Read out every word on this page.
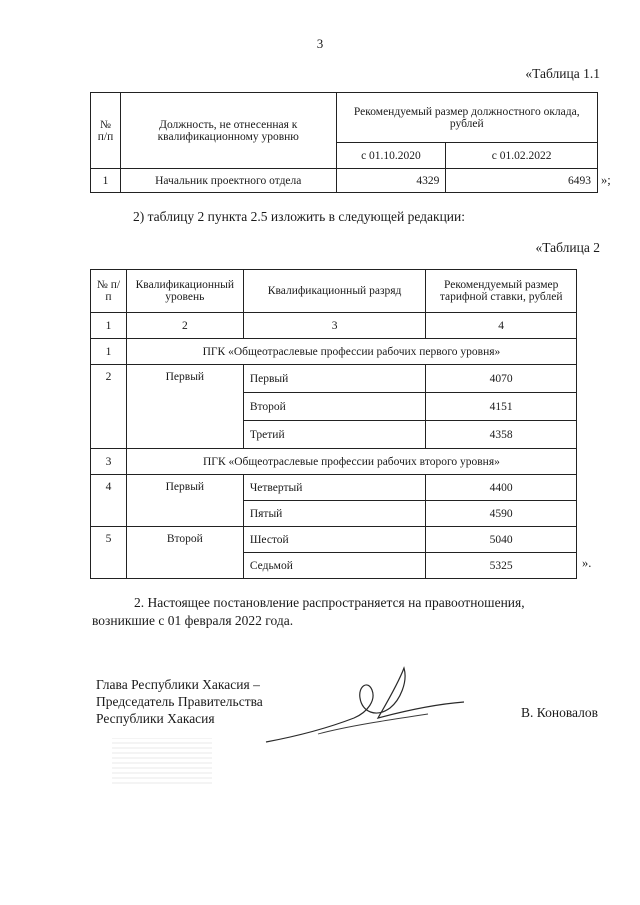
3
«Таблица 1.1
№ п/п	Должность, не отнесенная к квалификационному уровню	Рекомендуемый размер должностного оклада, рублей	
		с 01.10.2020	с 01.02.2022
1	Начальник проектного отдела	4329	6493 »;
2) таблицу 2 пункта 2.5 изложить в следующей редакции:
«Таблица 2
№ п/п	Квалификационный уровень	Квалификационный разряд	Рекомендуемый размер тарифной ставки, рублей
1	2	3	4
1	ПГК «Общеотраслевые профессии рабочих первого уровня»		
2	Первый	Первый	4070
		Второй	4151
		Третий	4358
3	ПГК «Общеотраслевые профессии рабочих второго уровня»		
4	Первый	Четвертый	4400
		Пятый	4590
5	Второй	Шестой	5040
		Седьмой	5325	».
2. Настоящее постановление распространяется на правоотношения,
возникшие с 01 февраля 2022 года.
Глава Республики Хакасия –
Председатель Правительства
Республики Хакасия	В. Коновалов
